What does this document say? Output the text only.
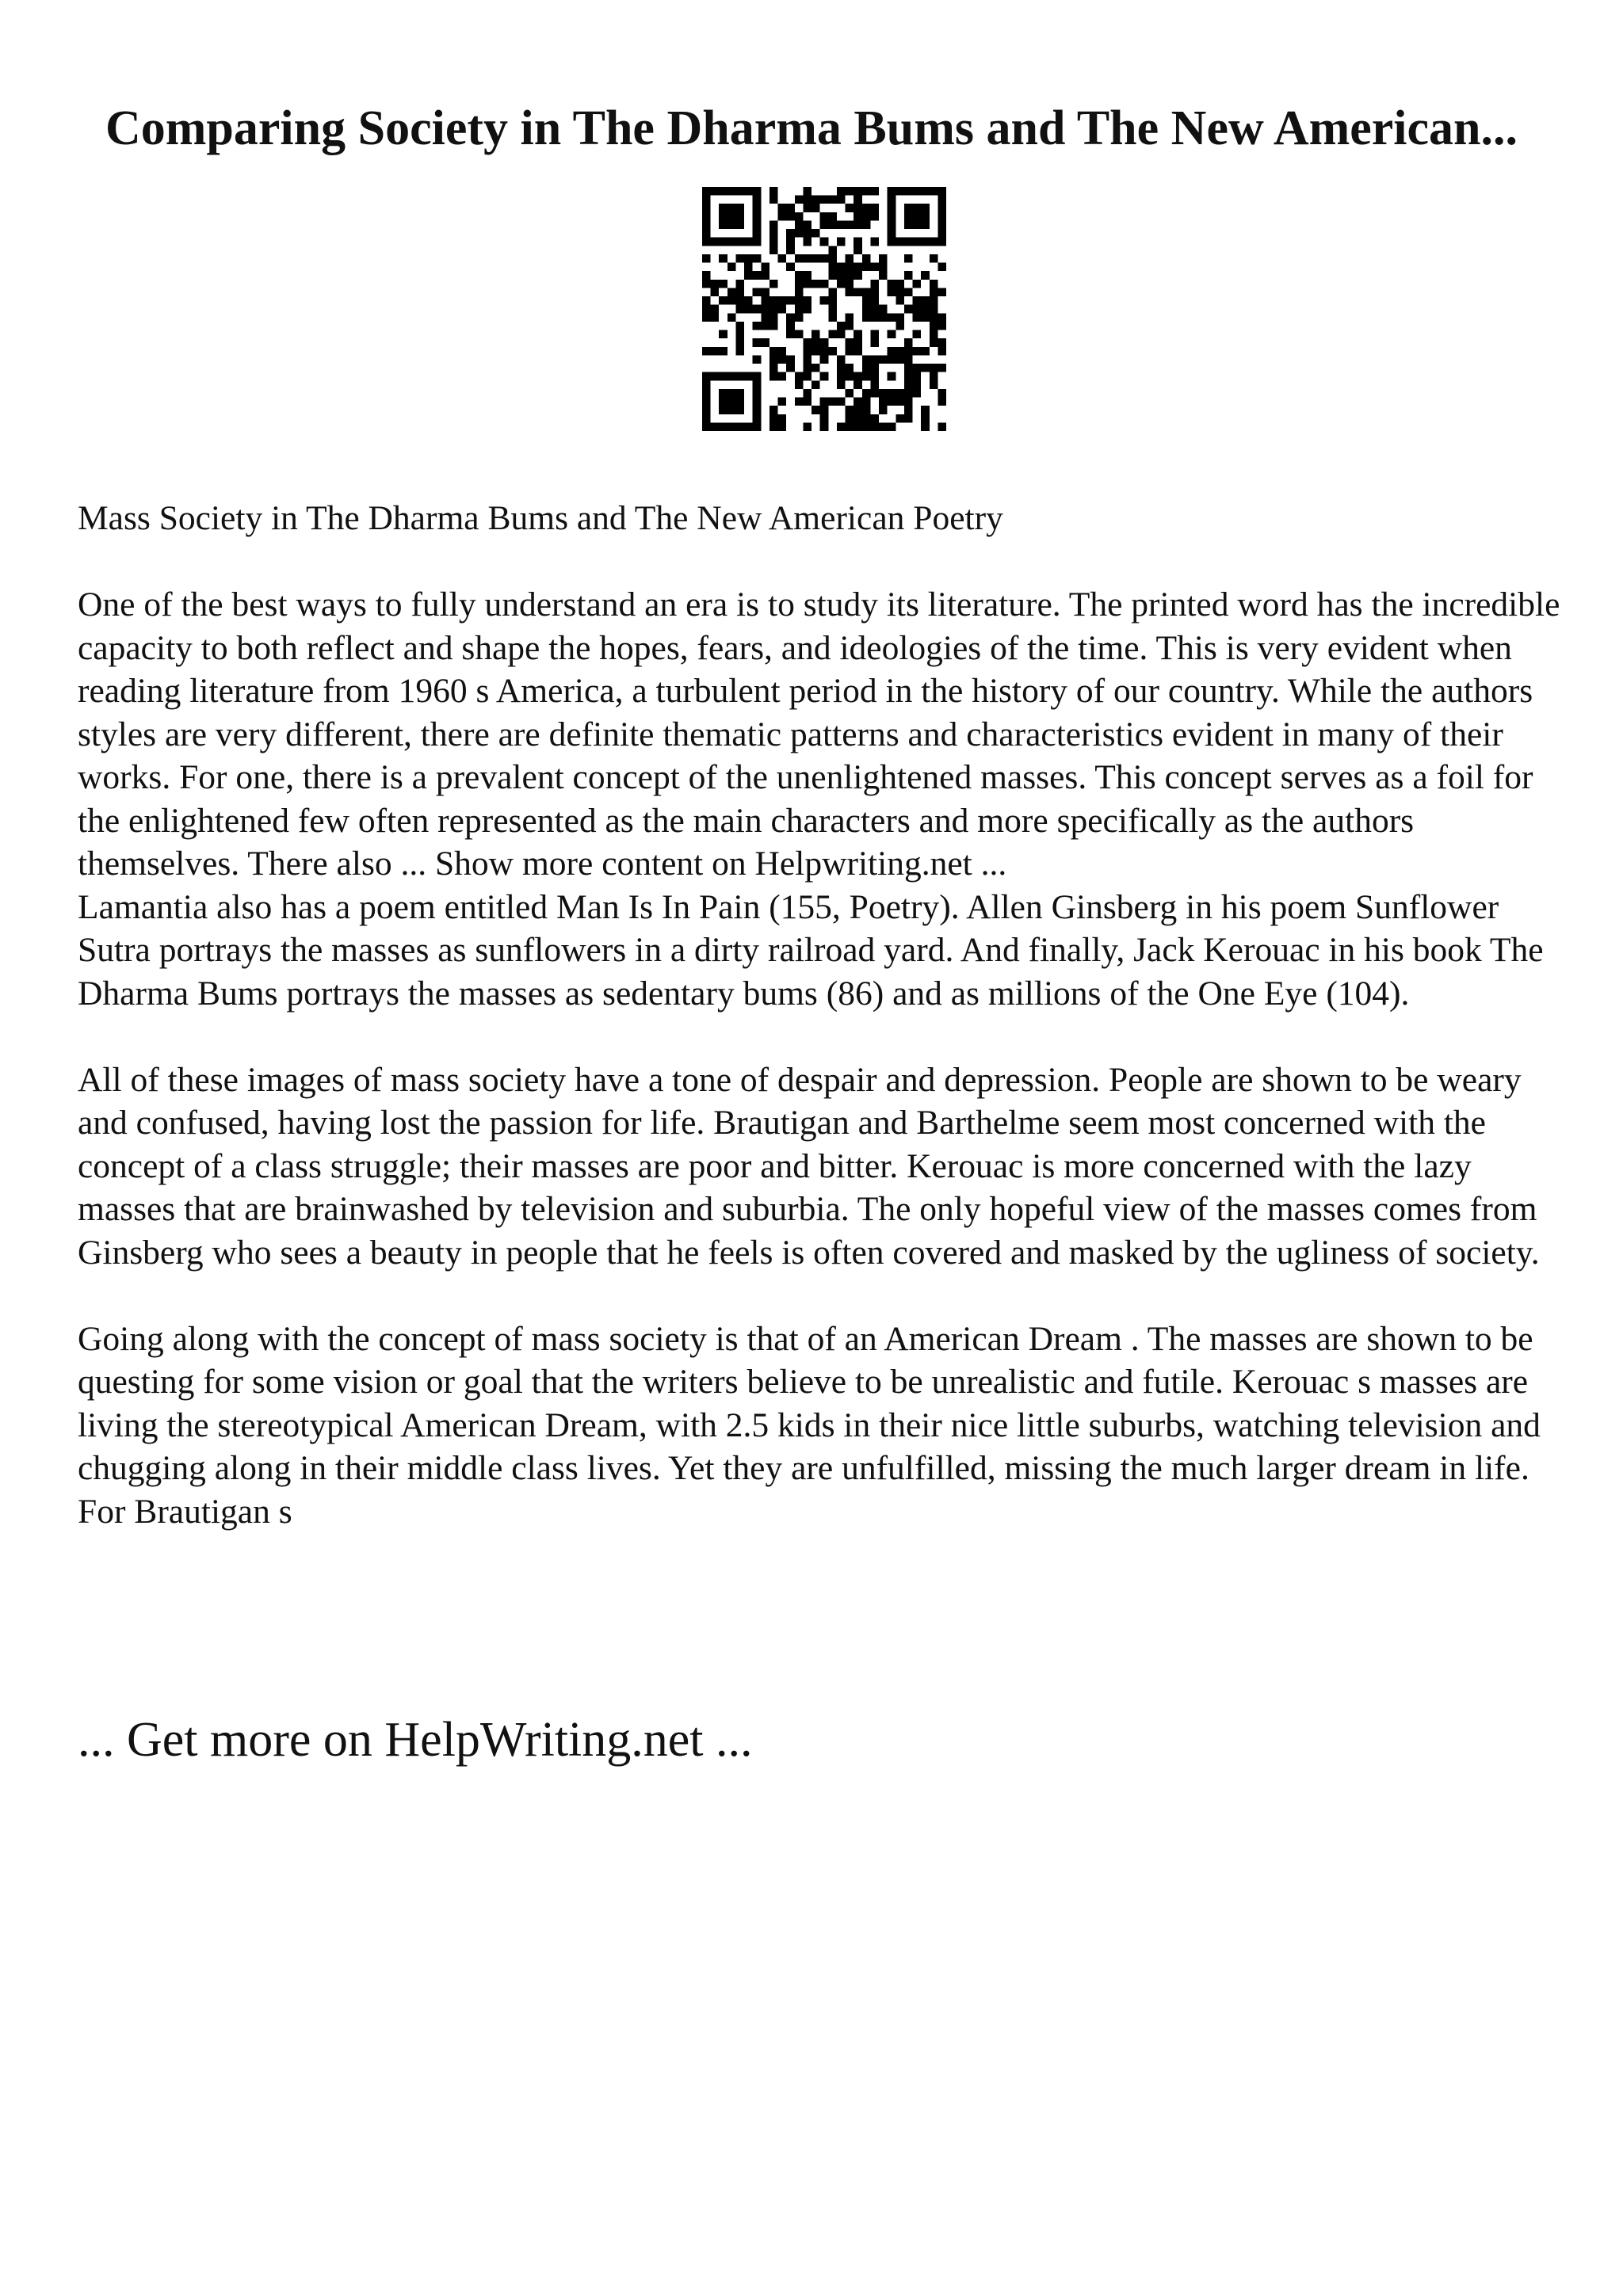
Comparing Society in The Dharma Bums and The New American...

Mass Society in The Dharma Bums and The New American Poetry

One of the best ways to fully understand an era is to study its literature. The printed word has the incredible capacity to both reflect and shape the hopes, fears, and ideologies of the time. This is very evident when reading literature from 1960 s America, a turbulent period in the history of our country. While the authors styles are very different, there are definite thematic patterns and characteristics evident in many of their works. For one, there is a prevalent concept of the unenlightened masses. This concept serves as a foil for the enlightened few often represented as the main characters and more specifically as the authors themselves. There also ... Show more content on Helpwriting.net ...

Lamantia also has a poem entitled Man Is In Pain (155, Poetry). Allen Ginsberg in his poem Sunflower Sutra portrays the masses as sunflowers in a dirty railroad yard. And finally, Jack Kerouac in his book The Dharma Bums portrays the masses as sedentary bums (86) and as millions of the One Eye (104).

All of these images of mass society have a tone of despair and depression. People are shown to be weary and confused, having lost the passion for life. Brautigan and Barthelme seem most concerned with the concept of a class struggle; their masses are poor and bitter. Kerouac is more concerned with the lazy masses that are brainwashed by television and suburbia. The only hopeful view of the masses comes from Ginsberg who sees a beauty in people that he feels is often covered and masked by the ugliness of society.

Going along with the concept of mass society is that of an American Dream . The masses are shown to be questing for some vision or goal that the writers believe to be unrealistic and futile. Kerouac s masses are living the stereotypical American Dream, with 2.5 kids in their nice little suburbs, watching television and chugging along in their middle class lives. Yet they are unfulfilled, missing the much larger dream in life. For Brautigan s

... Get more on HelpWriting.net ...
